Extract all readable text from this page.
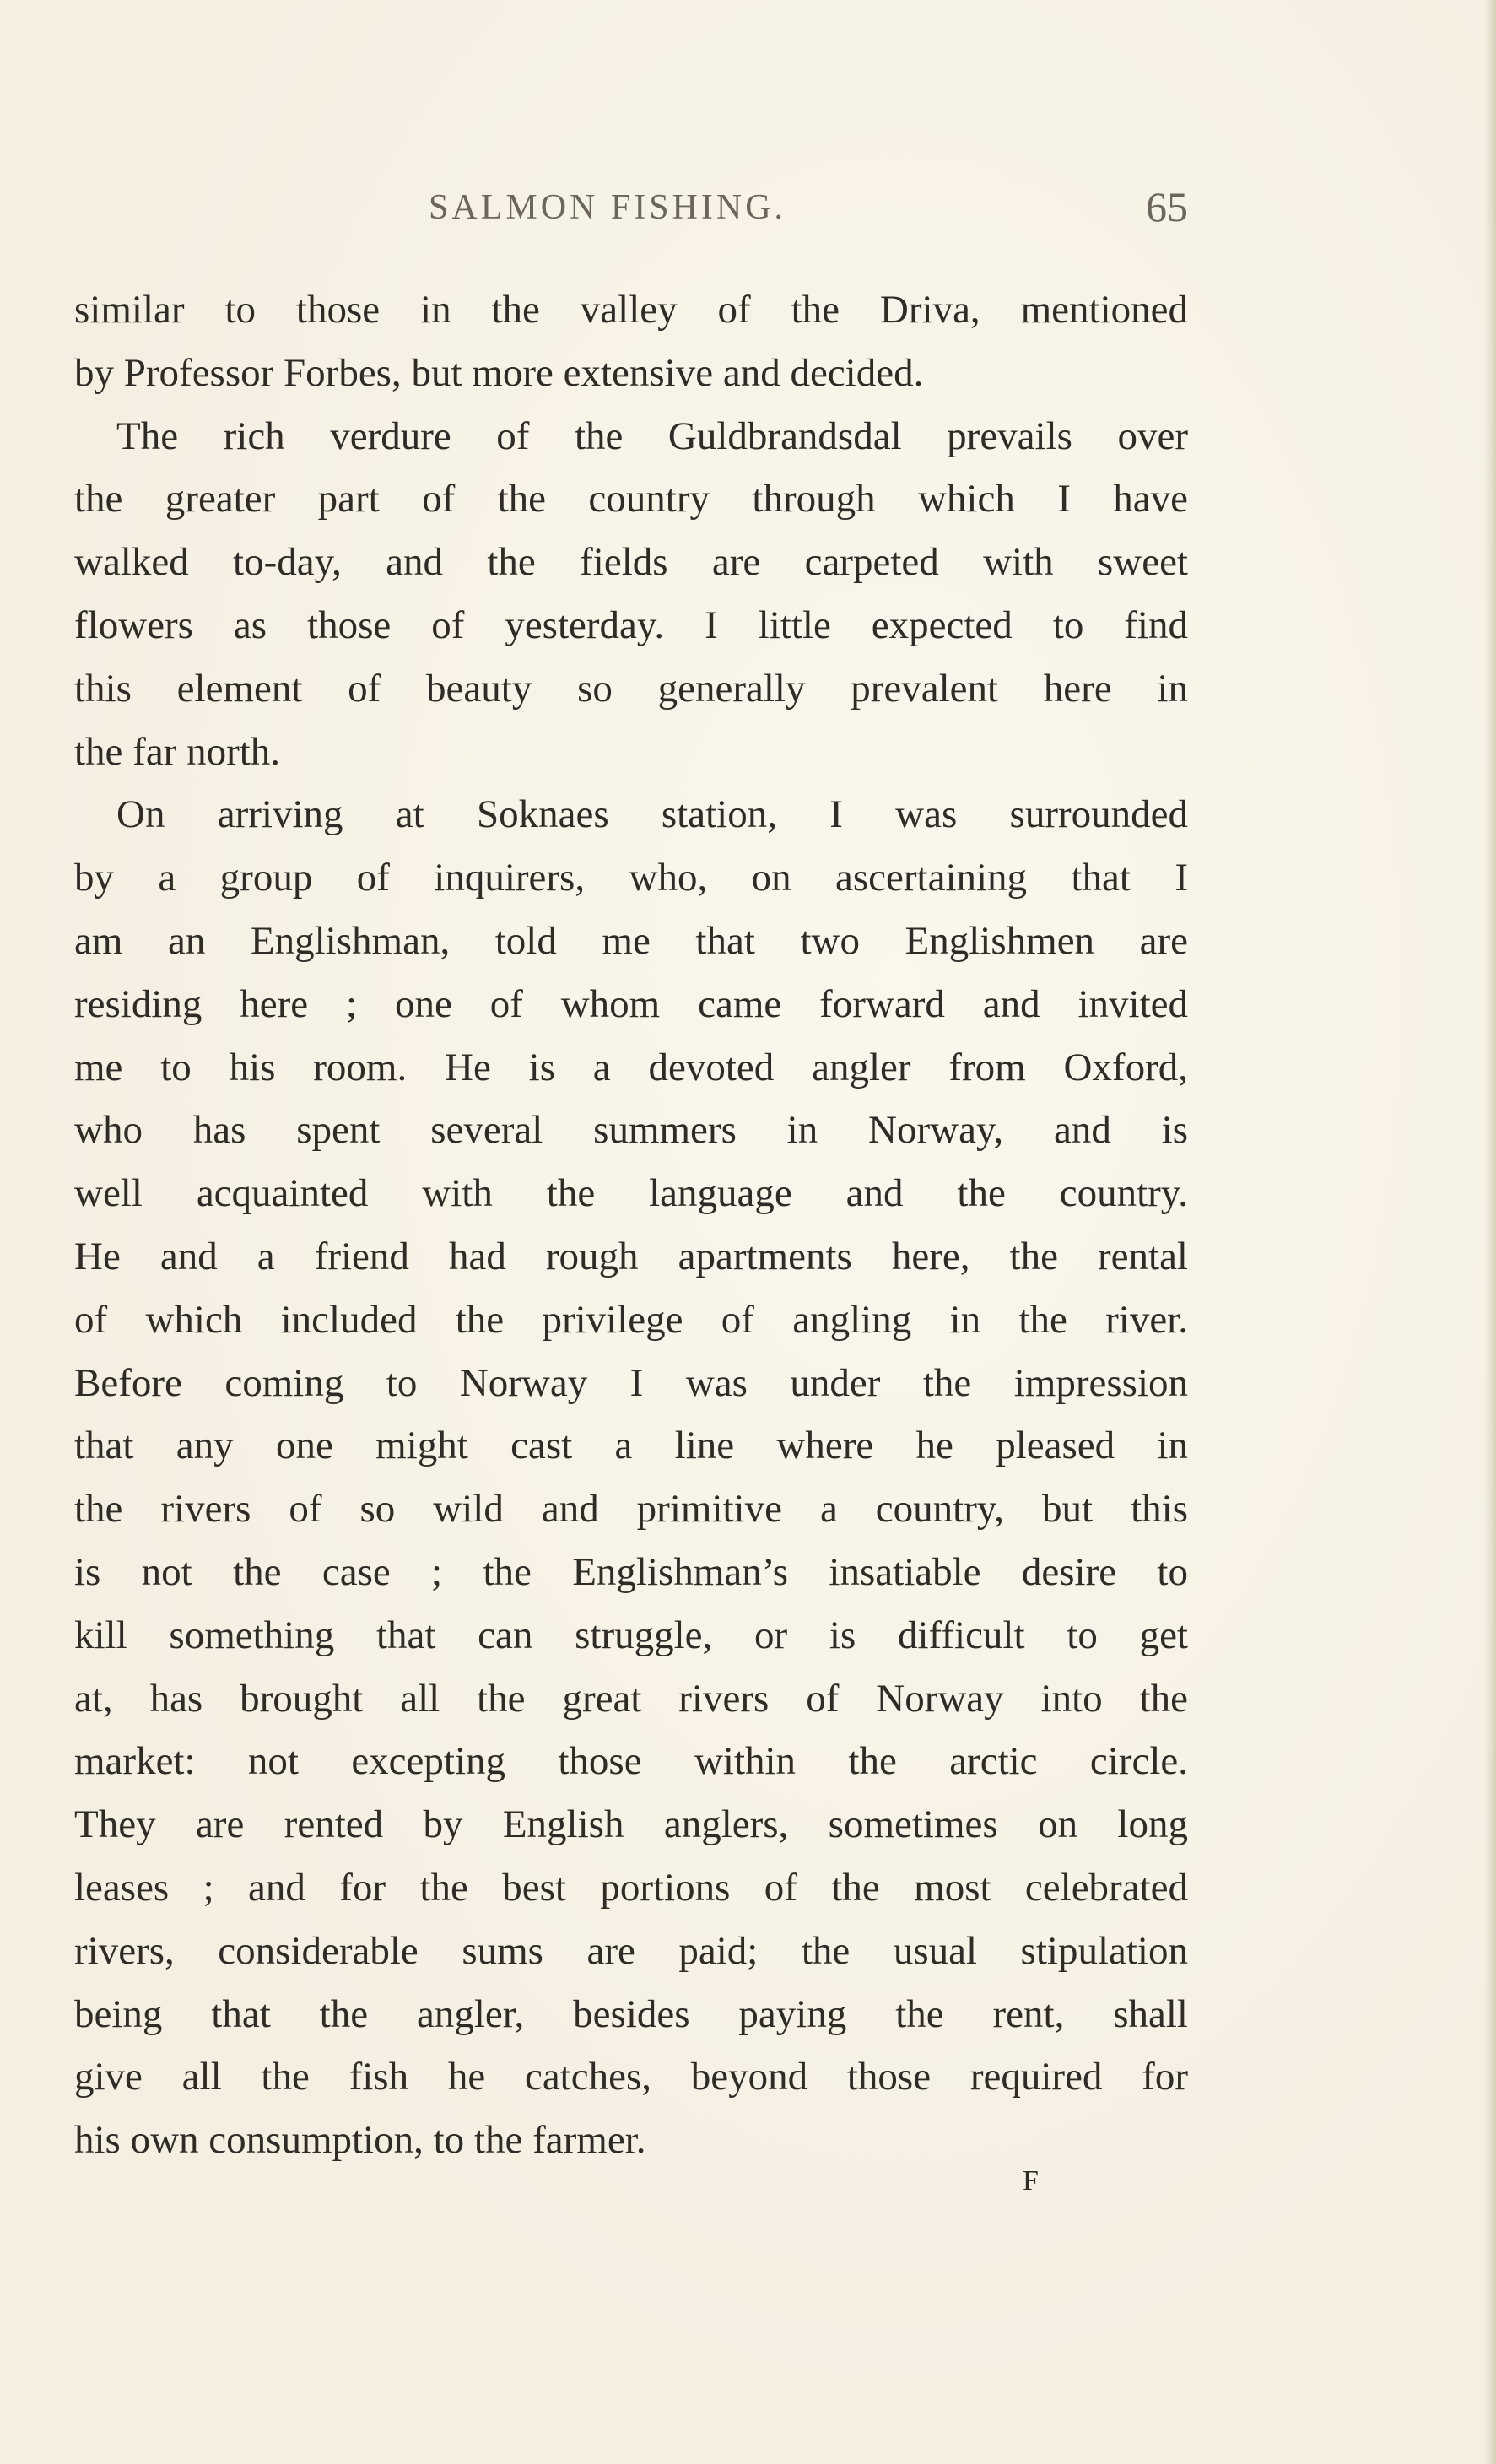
SALMON FISHING.	65
similar to those in the valley of the Driva, mentioned
by Professor Forbes, but more extensive and decided.
The rich verdure of the Guldbrandsdal prevails over
the greater part of the country through which I have
walked to-day, and the fields are carpeted with sweet
flowers as those of yesterday. I little expected to find
this element of beauty so generally prevalent here in
the far north.
On arriving at Soknaes station, I was surrounded
by a group of inquirers, who, on ascertaining that I
am an Englishman, told me that two Englishmen are
residing here ; one of whom came forward and invited
me to his room. He is a devoted angler from Oxford,
who has spent several summers in Norway, and is
well acquainted with the language and the country.
He and a friend had rough apartments here, the rental
of which included the privilege of angling in the river.
Before coming to Norway I was under the impression
that any one might cast a line where he pleased in
the rivers of so wild and primitive a country, but this
is not the case ; the Englishman’s insatiable desire to
kill something that can struggle, or is difficult to get
at, has brought all the great rivers of Norway into the
market: not excepting those within the arctic circle.
They are rented by English anglers, sometimes on long
leases ; and for the best portions of the most celebrated
rivers, considerable sums are paid; the usual stipulation
being that the angler, besides paying the rent, shall
give all the fish he catches, beyond those required for
his own consumption, to the farmer.
F
